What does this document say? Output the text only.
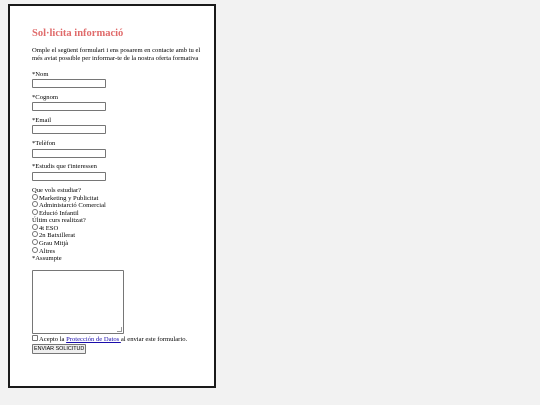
Sol·licita informació
Omple el següent formulari i ens posarem en contacte amb tu el més aviat possible per informar-te de la nostra oferta formativa
*Nom
*Cognom
*Email
*Telèfon
*Estudis que t'interessen
Que vols estudiar?
Marketing y Publicitat
Administarció Comercial
Edució Infantil
Últim curs realitzat?
4t ESO
2n Batxillerat
Grau Mitjà
Altres
*Assumpte
Acepto la Protección de Datos al enviar este formulario.
ENVIAR SOLICITUD
